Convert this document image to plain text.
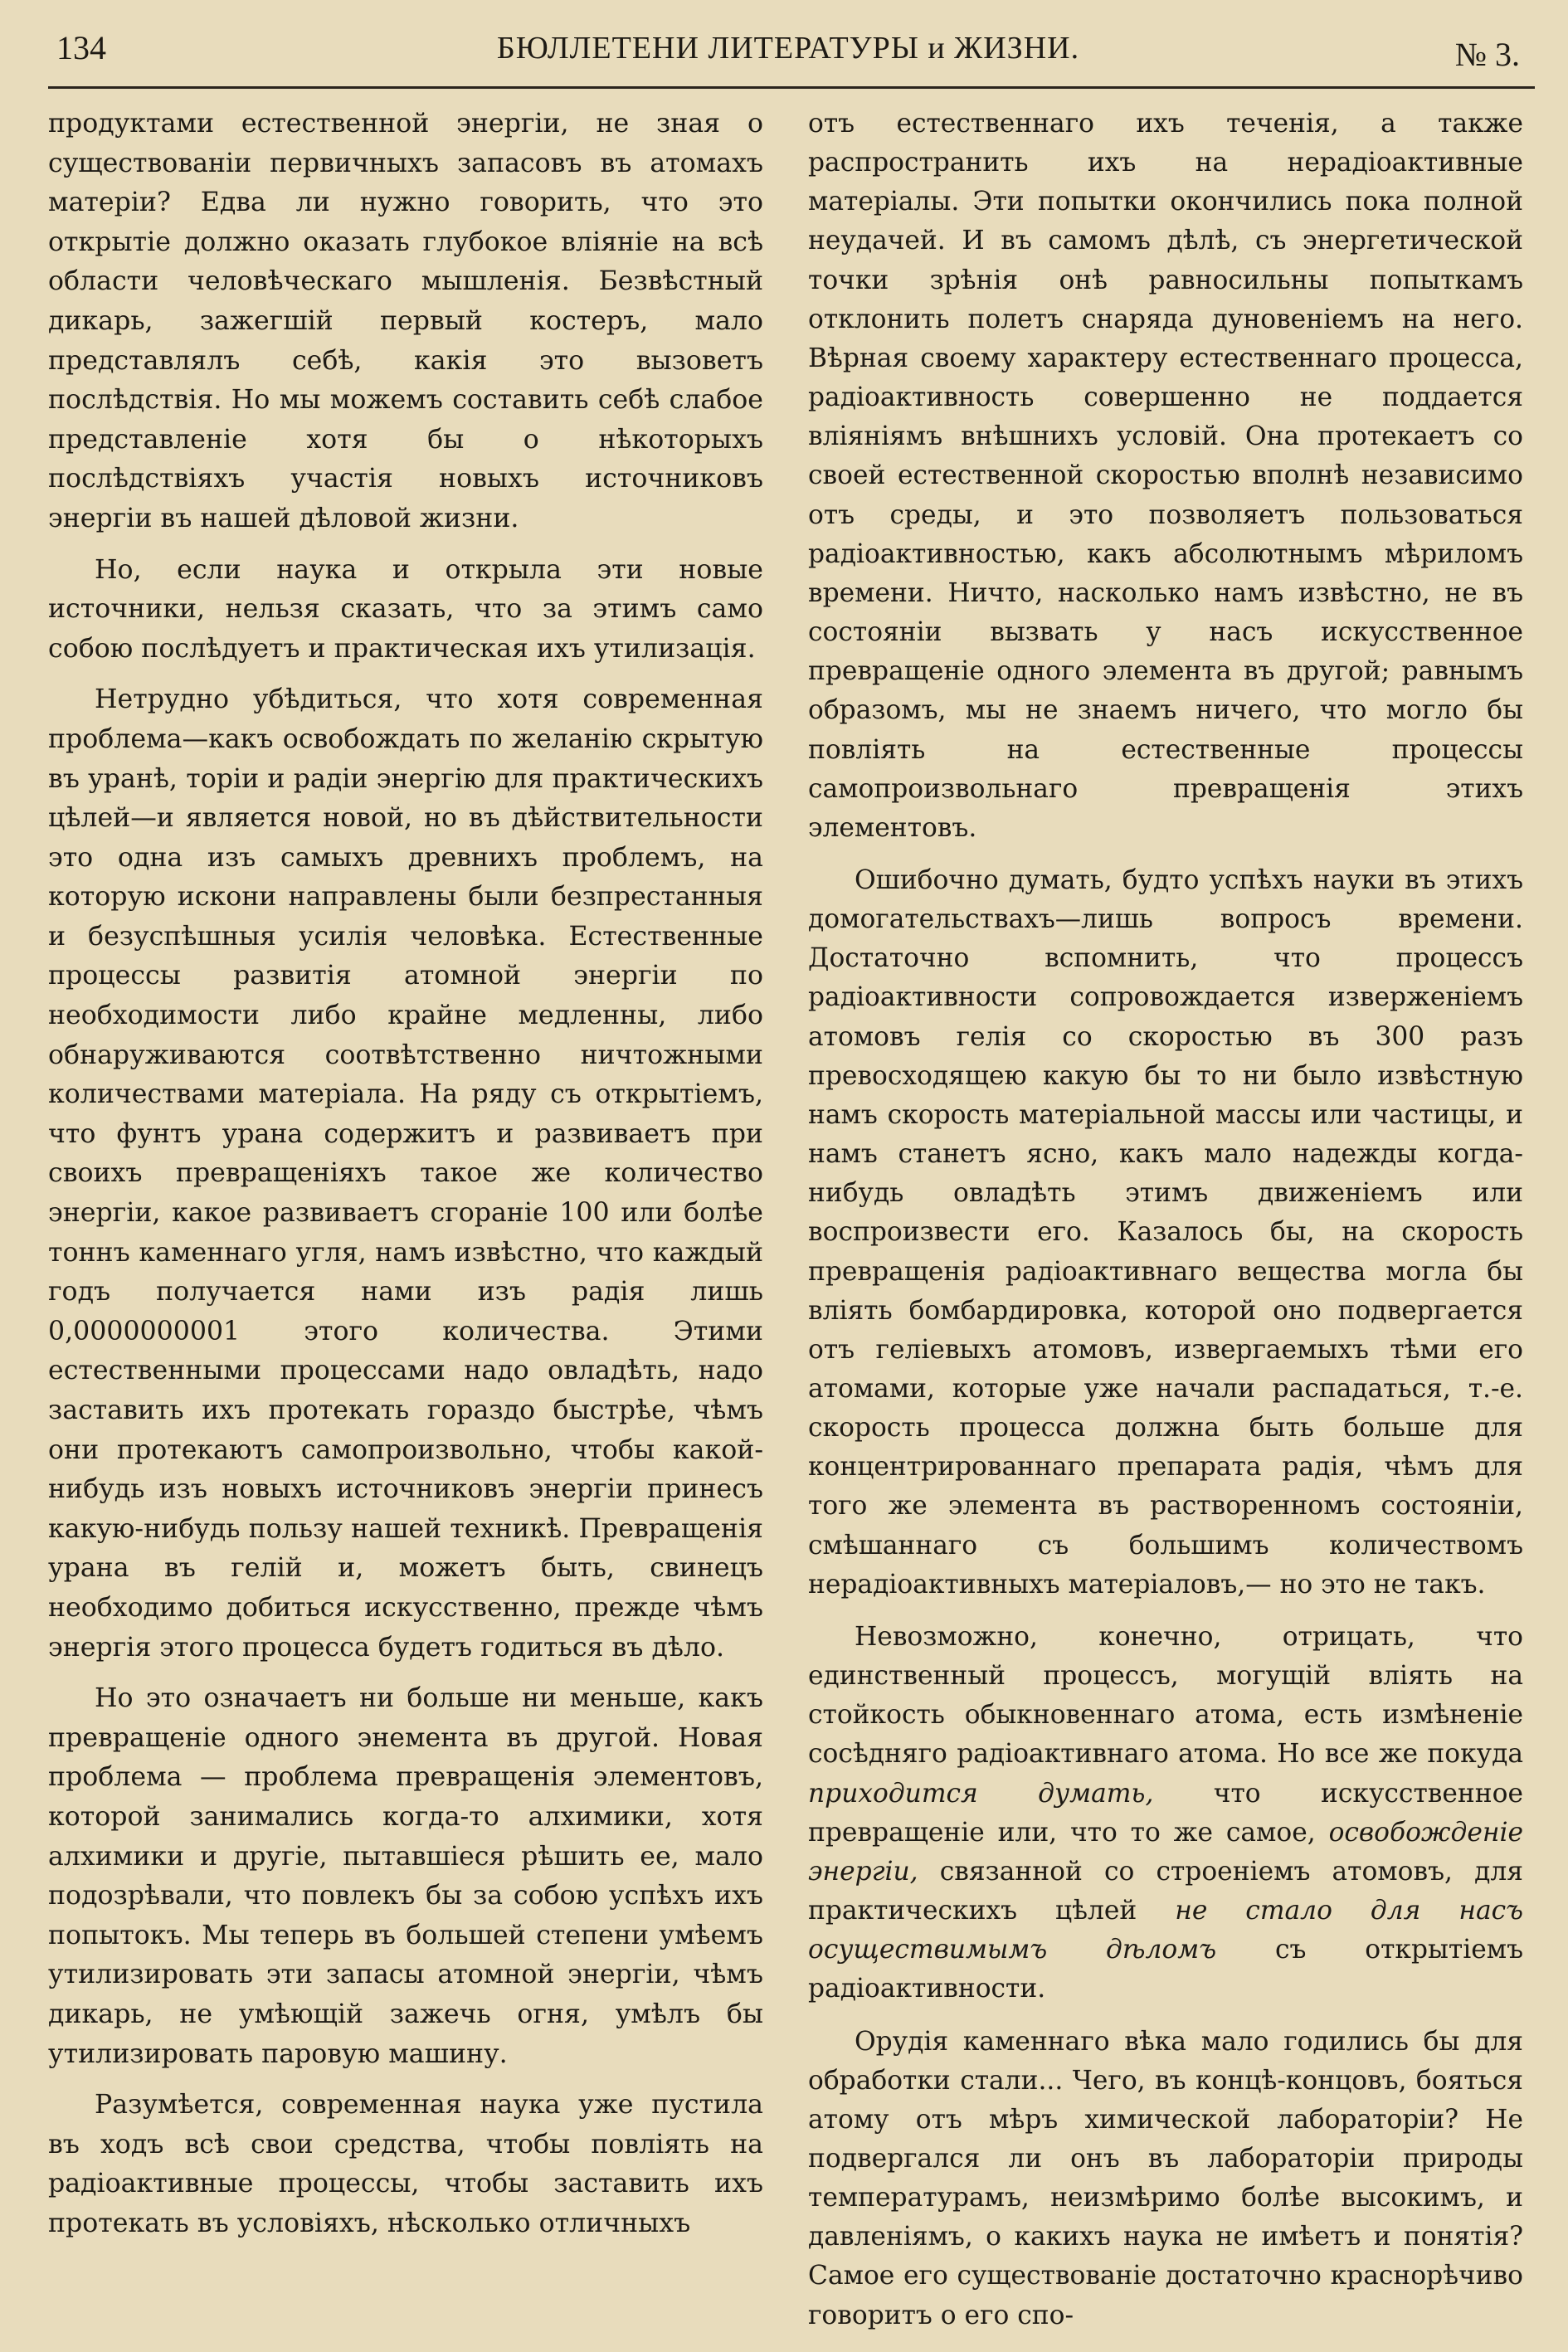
134	БЮЛЛЕТЕНИ ЛИТЕРАТУРЫ и ЖИЗНИ.	№ 3.

продуктами естественной энергіи, не зная о существованіи первичныхъ запасовъ въ атомахъ матеріи? Едва ли нужно говорить, что это открытіе должно оказать глубокое вліяніе на всѣ области человѣческаго мышленія. Безвѣстный дикарь, зажегшій первый костеръ, мало представлялъ себѣ, какія это вызоветъ послѣдствія. Но мы можемъ составить себѣ слабое представленіе хотя бы о нѣкоторыхъ послѣдствіяхъ участія новыхъ источниковъ энергіи въ нашей дѣловой жизни.

Но, если наука и открыла эти новые источники, нельзя сказать, что за этимъ само собою послѣдуетъ и практическая ихъ утилизація.

Нетрудно убѣдиться, что хотя современная проблема—какъ освобождать по желанію скрытую въ уранѣ, торіи и радіи энергію для практическихъ цѣлей—и является новой, но въ дѣйствительности это одна изъ самыхъ древнихъ проблемъ, на которую искони направлены были безпрестанныя и безуспѣшныя усилія человѣка. Естественные процессы развитія атомной энергіи по необходимости либо крайне медленны, либо обнаруживаются соотвѣтственно ничтожными количествами матеріала. На ряду съ открытіемъ, что фунтъ урана содержитъ и развиваетъ при своихъ превращеніяхъ такое же количество энергіи, какое развиваетъ сгораніе 100 или болѣе тоннъ каменнаго угля, намъ извѣстно, что каждый годъ получается нами изъ радія лишь 0,0000000001 этого количества. Этими естественными процессами надо овладѣть, надо заставить ихъ протекать гораздо быстрѣе, чѣмъ они протекаютъ самопроизвольно, чтобы какой-нибудь изъ новыхъ источниковъ энергіи принесъ какую-нибудь пользу нашей техникѣ. Превращенія урана въ гелій и, можетъ быть, свинецъ необходимо добиться искусственно, прежде чѣмъ энергія этого процесса будетъ годиться въ дѣло.

Но это означаетъ ни больше ни меньше, какъ превращеніе одного энемента въ другой. Новая проблема — проблема превращенія элементовъ, которой занимались когда-то алхимики, хотя алхимики и другіе, пытавшіеся рѣшить ее, мало подозрѣвали, что повлекъ бы за собою успѣхъ ихъ попытокъ. Мы теперь въ большей степени умѣемъ утилизировать эти запасы атомной энергіи, чѣмъ дикарь, не умѣющій зажечь огня, умѣлъ бы утилизировать паровую машину.

Разумѣется, современная наука уже пустила въ ходъ всѣ свои средства, чтобы повліять на радіоактивные процессы, чтобы заставить ихъ протекать въ условіяхъ, нѣсколько отличныхъ

отъ естественнаго ихъ теченія, а также распространить ихъ на нерадіоактивные матеріалы. Эти попытки окончились пока полной неудачей. И въ самомъ дѣлѣ, съ энергетической точки зрѣнія онѣ равносильны попыткамъ отклонить полетъ снаряда дуновеніемъ на него. Вѣрная своему характеру естественнаго процесса, радіоактивность совершенно не поддается вліяніямъ внѣшнихъ условій. Она протекаетъ со своей естественной скоростью вполнѣ независимо отъ среды, и это позволяетъ пользоваться радіоактивностью, какъ абсолютнымъ мѣриломъ времени. Ничто, насколько намъ извѣстно, не въ состояніи вызвать у насъ искусственное превращеніе одного элемента въ другой; равнымъ образомъ, мы не знаемъ ничего, что могло бы повліять на естественные процессы самопроизвольнаго превращенія этихъ элементовъ.

Ошибочно думать, будто успѣхъ науки въ этихъ домогательствахъ—лишь вопросъ времени. Достаточно вспомнить, что процессъ радіоактивности сопровождается изверженіемъ атомовъ гелія со скоростью въ 300 разъ превосходящею какую бы то ни было извѣстную намъ скорость матеріальной массы или частицы, и намъ станетъ ясно, какъ мало надежды когда-нибудь овладѣть этимъ движеніемъ или воспроизвести его. Казалось бы, на скорость превращенія радіоактивнаго вещества могла бы вліять бомбардировка, которой оно подвергается отъ геліевыхъ атомовъ, извергаемыхъ тѣми его атомами, которые уже начали распадаться, т.-е. скорость процесса должна быть больше для концентрированнаго препарата радія, чѣмъ для того же элемента въ растворенномъ состояніи, смѣшаннаго съ большимъ количествомъ нерадіоактивныхъ матеріаловъ,— но это не такъ.

Невозможно, конечно, отрицать, что единственный процессъ, могущій вліять на стойкость обыкновеннаго атома, есть измѣненіе сосѣдняго радіоактивнаго атома. Но все же покуда приходится думать, что искусственное превращеніе или, что то же самое, освобожденіе энергіи, связанной со строеніемъ атомовъ, для практическихъ цѣлей не стало для насъ осуществимымъ дѣломъ съ открытіемъ радіоактивности.

Орудія каменнаго вѣка мало годились бы для обработки стали... Чего, въ концѣ-концовъ, бояться атому отъ мѣръ химической лабораторіи? Не подвергался ли онъ въ лабораторіи природы температурамъ, неизмѣримо болѣе высокимъ, и давленіямъ, о какихъ наука не имѣетъ и понятія? Самое его существованіе достаточно краснорѣчиво говоритъ о его спо-
